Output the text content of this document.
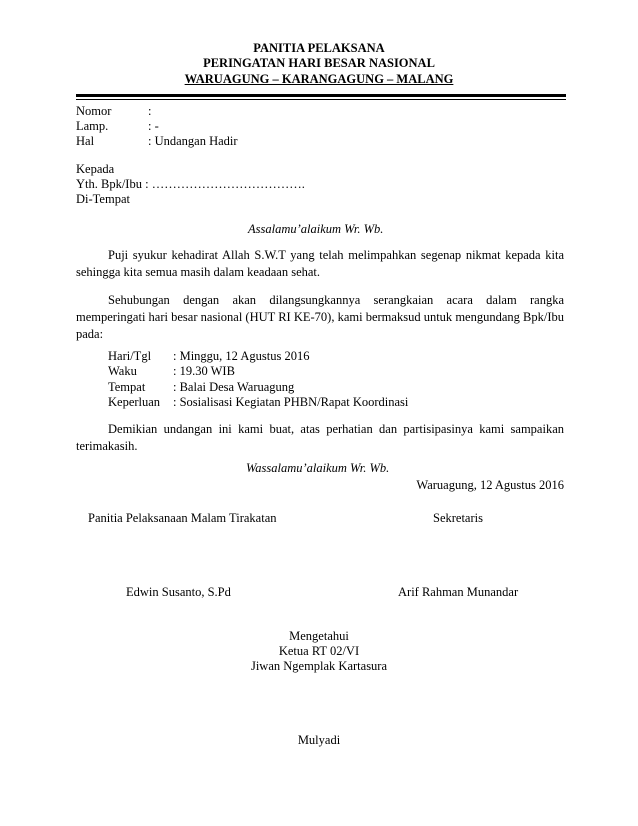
PANITIA PELAKSANA
PERINGATAN HARI BESAR NASIONAL
WARUAGUNG – KARANGAGUNG – MALANG
Nomor	:
Lamp.	: -
Hal	: Undangan Hadir
Kepada
Yth. Bpk/Ibu : ……………………………….
Di-Tempat
Assalamu’alaikum Wr. Wb.
Puji syukur kehadirat Allah S.W.T yang telah melimpahkan segenap nikmat kepada kita sehingga kita semua masih dalam keadaan sehat.
Sehubungan dengan akan dilangsungkannya serangkaian acara dalam rangka memperingati hari besar nasional (HUT RI KE-70), kami bermaksud untuk mengundang Bpk/Ibu pada:
Hari/Tgl : Minggu, 12 Agustus 2016
Waku	: 19.30 WIB
Tempat : Balai Desa Waruagung
Keperluan : Sosialisasi Kegiatan PHBN/Rapat Koordinasi
Demikian undangan ini kami buat, atas perhatian dan partisipasinya kami sampaikan terimakasih.
Wassalamu’alaikum Wr. Wb.
Waruagung, 12 Agustus 2016
Panitia Pelaksanaan Malam Tirakatan	Sekretaris
Edwin Susanto, S.Pd	Arif Rahman Munandar
Mengetahui
Ketua RT 02/VI
Jiwan Ngemplak Kartasura
Mulyadi
